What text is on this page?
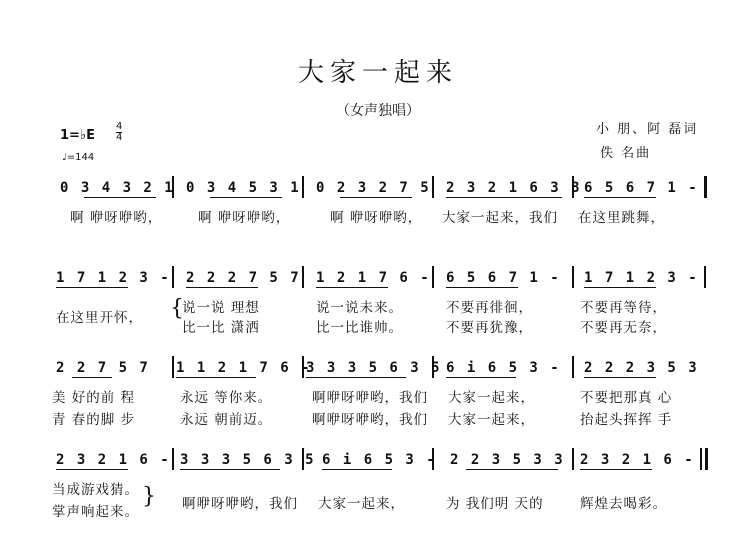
大家一起来
（女声独唱）
小 朋、阿 磊词
佚 名曲
1=♭E
4
4
♩=144
0 3 4 3 2 1 0 3 4 5 3 1 0 2 3 2 7 5 2 3 2 1 6 3 3 6 5 6 7 1 -
啊 咿呀咿哟，	啊 咿呀咿哟，	啊 咿呀咿哟， 大家一起来，我们 在这里跳舞，
1 7 1 2 3 - 2 2 2 7 5 7 1 2 1 7 6 - 6 5 6 7 1 - 1 7 1 2 3 -
在这里开怀， {
说一说 理想
比一比 潇洒
说一说未来。
比一比谁帅。
不要再徘徊，
不要再犹豫，
不要再等待，
不要再无奈，
2 2 7 5 7 1 1 2 1 7 6 -
3 3 3 5 6 3 5 6 i 6 5 3 - 2 2 2 3 5 3
美 好的前 程
青 春的脚 步
永远 等你来。
永远 朝前迈。
啊咿呀咿哟，我们
啊咿呀咿哟，我们
大家一起来，
大家一起来，
不要把那真 心
抬起头挥挥 手
2 3 2 1 6 - 3 3 3 5 6 3 5 6 i 6 5 3 - 2 2 3 5 3 3 2 3 2 1 6 -
当成游戏猜。
掌声响起来。
} 啊咿呀咿哟，我们 大家一起来，	为 我们明 天的	辉煌去喝彩。
